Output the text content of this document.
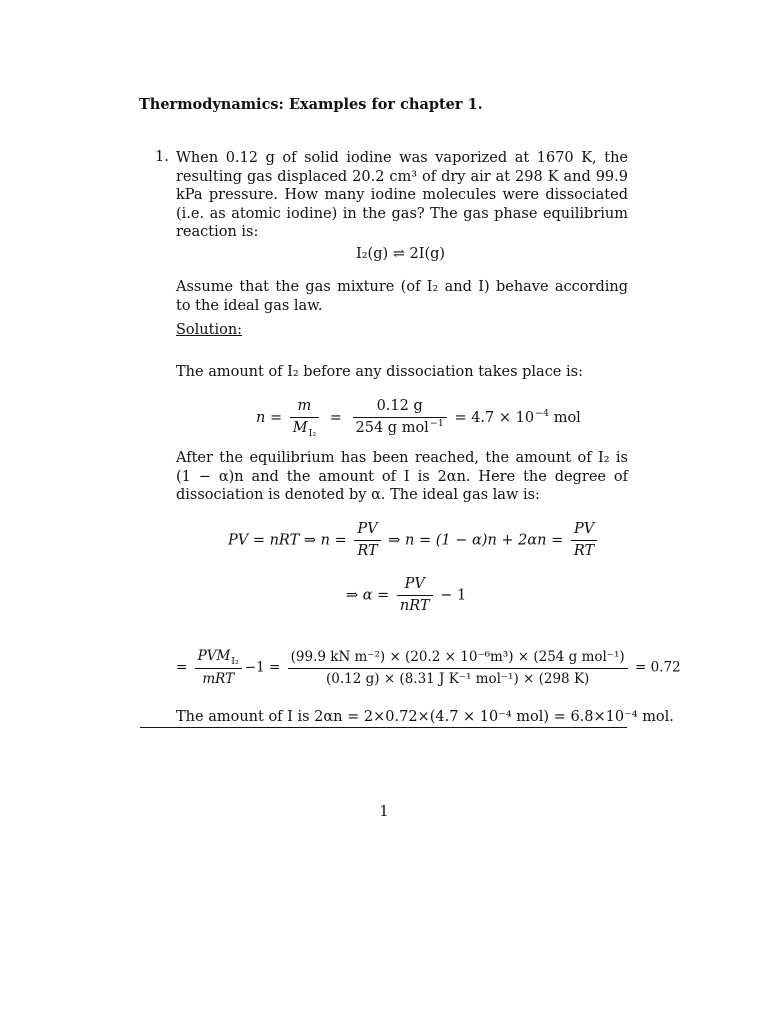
Thermodynamics: Examples for chapter 1.
1. When 0.12 g of solid iodine was vaporized at 1670 K, the resulting gas displaced 20.2 cm³ of dry air at 298 K and 99.9 kPa pressure. How many iodine molecules were dissociated (i.e. as atomic iodine) in the gas? The gas phase equilibrium reaction is:

I₂(g) ⇌ 2I(g)

Assume that the gas mixture (of I₂ and I) behave according to the ideal gas law.

Solution:
The amount of I₂ before any dissociation takes place is:
$n = \frac{m}{M_{I_2}} = \frac{0.12 g}{254 g mol^{-1}} = 4.7 \times 10^{-4}$ mol

After the equilibrium has been reached, the amount of I₂ is (1 − α)n and the amount of I is 2αn. Here the degree of dissociation is denoted by α. The ideal gas law is:

PV = nRT ⇒ $n = \frac{PV}{RT}$ ⇒ $n = (1 - \alpha)n + 2\alpha n = \frac{PV}{RT}$
⇒ $\alpha = \frac{PV}{\text{nRT}} - 1$
= $\frac{PVM_{I_2}}{\text{mRT}} -1 = \frac{\text{(99.9 kN m⁻²) × (20.2 × 10⁻⁶m³) × (254 g mol⁻¹)}}{\text{(0.12 g) × (8.31 J K⁻¹ mol⁻¹) × (298 K)}} = 0.72$
The amount of I is 2αn = 2×0.72×(4.7 × 10⁻⁴ mol) = 6.8×10⁻⁴ mol.
1
